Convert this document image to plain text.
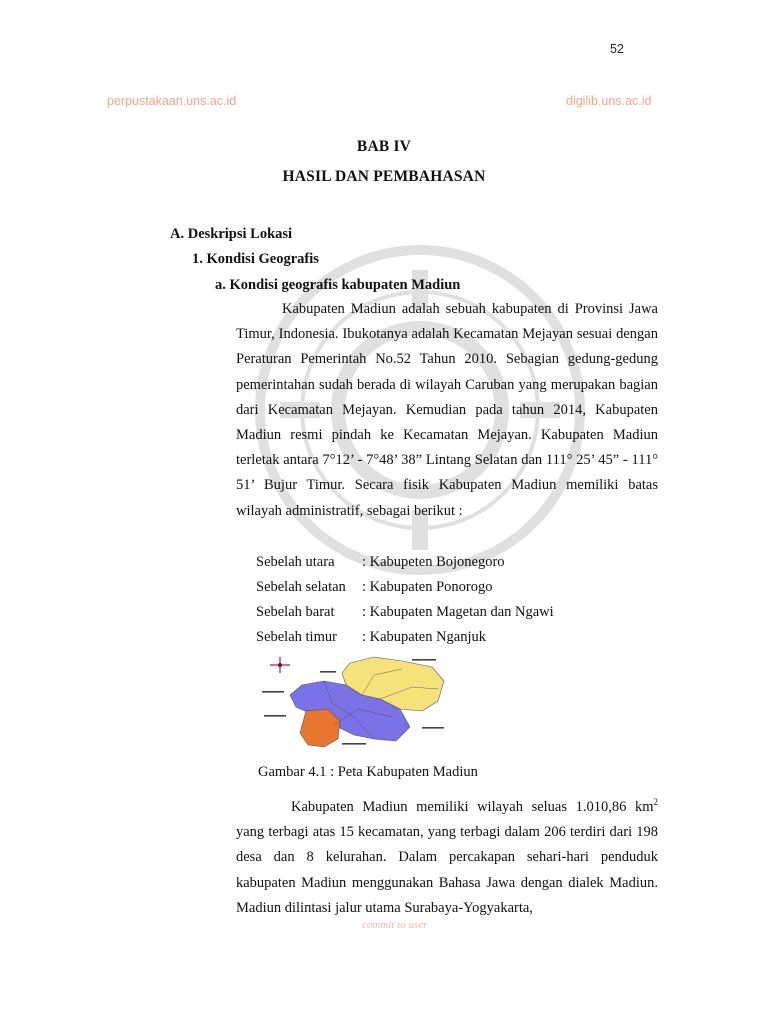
52
perpustakaan.uns.ac.id	digilib.uns.ac.id
BAB IV
HASIL DAN PEMBAHASAN
A. Deskripsi Lokasi
1. Kondisi Geografis
a. Kondisi geografis kabupaten Madiun

Kabupaten Madiun adalah sebuah kabupaten di Provinsi Jawa Timur, Indonesia. Ibukotanya adalah Kecamatan Mejayan sesuai dengan Peraturan Pemerintah No.52 Tahun 2010. Sebagian gedung-gedung pemerintahan sudah berada di wilayah Caruban yang merupakan bagian dari Kecamatan Mejayan. Kemudian pada tahun 2014, Kabupaten Madiun resmi pindah ke Kecamatan Mejayan. Kabupaten Madiun terletak antara 7°12’ - 7°48’ 38” Lintang Selatan dan 111° 25’ 45” - 111° 51’ Bujur Timur. Secara fisik Kabupaten Madiun memiliki batas wilayah administratif, sebagai berikut :

Sebelah utara : Kabupeten Bojonegoro
Sebelah selatan : Kabupaten Ponorogo
Sebelah barat : Kabupaten Magetan dan Ngawi
Sebelah timur : Kabupaten Nganjuk
Gambar 4.1 : Peta Kabupaten Madiun

Kabupaten Madiun memiliki wilayah seluas 1.010,86 $km^2$ yang terbagi atas 15 kecamatan, yang terbagi dalam 206 terdiri dari 198 desa dan 8 kelurahan. Dalam percakapan sehari-hari penduduk kabupaten Madiun menggunakan Bahasa Jawa dengan dialek Madiun. Madiun dilintasi jalur utama Surabaya-Yogyakarta,

commit to user
